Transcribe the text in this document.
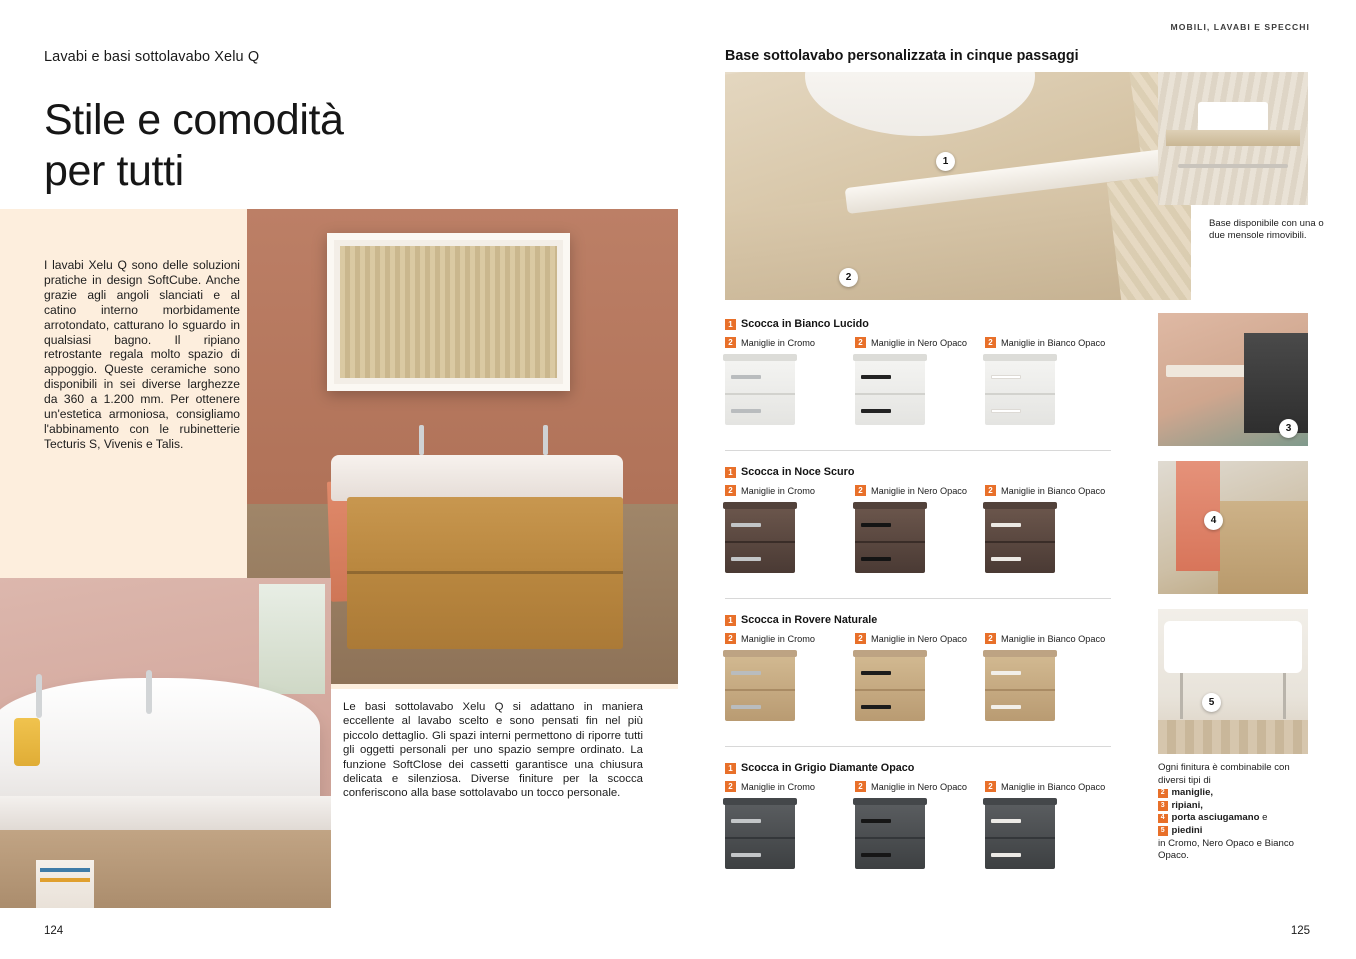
Lavabi e basi sottolavabo Xelu Q
Stile e comodità
per tutti
I lavabi Xelu Q sono delle soluzioni pratiche in design SoftCube. Anche grazie agli angoli slanciati e al catino interno morbidamente arrotondato, catturano lo sguardo in qualsiasi bagno. Il ripiano retrostante regala molto spazio di appoggio. Queste ceramiche sono disponibili in sei diverse larghezze da 360 a 1.200 mm. Per ottenere un'estetica armoniosa, consigliamo l'abbinamento con le rubinetterie Tecturis S, Vivenis e Talis.
Le basi sottolavabo Xelu Q si adattano in maniera eccellente al lavabo scelto e sono pensati fin nel più piccolo dettaglio. Gli spazi interni permettono di riporre tutti gli oggetti personali per uno spazio sempre ordinato. La funzione SoftClose dei cassetti garantisce una chiusura delicata e silenziosa. Diverse finiture per la scocca conferiscono alla base sottolavabo un tocco personale.
124
MOBILI, LAVABI E SPECCHI
Base sottolavabo personalizzata in cinque passaggi
1
2
Base disponibile con una o due mensole rimovibili.
1 Scocca in Bianco Lucido
2 Maniglie in Cromo	2 Maniglie in Nero Opaco	2 Maniglie in Bianco Opaco
1 Scocca in Noce Scuro
2 Maniglie in Cromo	2 Maniglie in Nero Opaco	2 Maniglie in Bianco Opaco
1 Scocca in Rovere Naturale
2 Maniglie in Cromo	2 Maniglie in Nero Opaco	2 Maniglie in Bianco Opaco
1 Scocca in Grigio Diamante Opaco
2 Maniglie in Cromo	2 Maniglie in Nero Opaco	2 Maniglie in Bianco Opaco
3
4
5
Ogni finitura è combinabile con diversi tipi di
2 maniglie,
3 ripiani,
4 porta asciugamano e
5 piedini
in Cromo, Nero Opaco e Bianco Opaco.
125
